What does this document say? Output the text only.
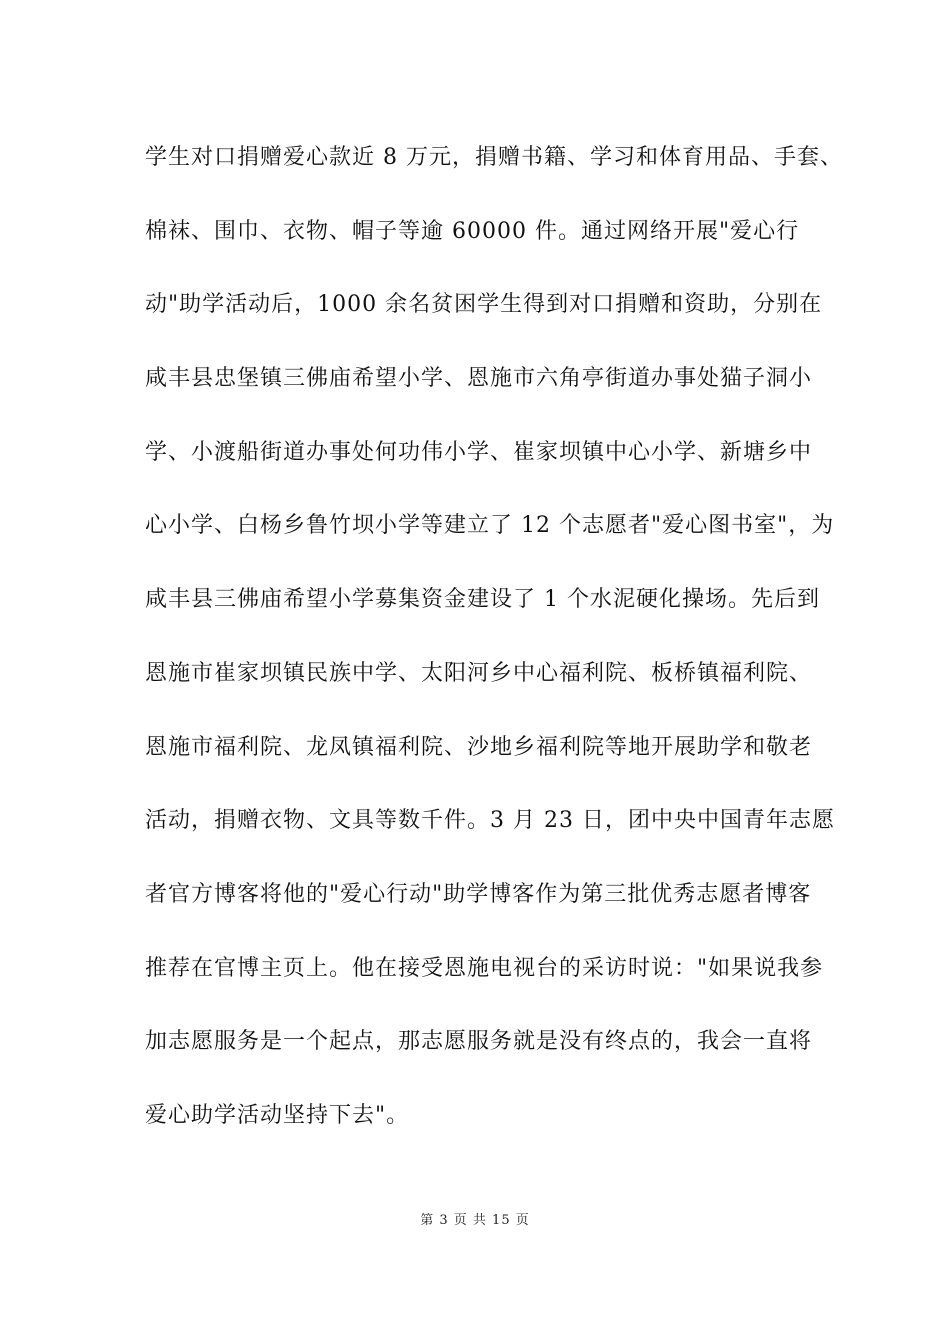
学生对口捐赠爱心款近 8 万元，捐赠书籍、学习和体育用品、手套、
棉袜、围巾、衣物、帽子等逾 60000 件。通过网络开展"爱心行
动"助学活动后，1000 余名贫困学生得到对口捐赠和资助，分别在
咸丰县忠堡镇三佛庙希望小学、恩施市六角亭街道办事处猫子洞小
学、小渡船街道办事处何功伟小学、崔家坝镇中心小学、新塘乡中
心小学、白杨乡鲁竹坝小学等建立了 12 个志愿者"爱心图书室"，为
咸丰县三佛庙希望小学募集资金建设了 1 个水泥硬化操场。先后到
恩施市崔家坝镇民族中学、太阳河乡中心福利院、板桥镇福利院、
恩施市福利院、龙凤镇福利院、沙地乡福利院等地开展助学和敬老
活动，捐赠衣物、文具等数千件。3 月 23 日，团中央中国青年志愿
者官方博客将他的"爱心行动"助学博客作为第三批优秀志愿者博客
推荐在官博主页上。他在接受恩施电视台的采访时说："如果说我参
加志愿服务是一个起点，那志愿服务就是没有终点的，我会一直将
爱心助学活动坚持下去"。
第 3 页 共 15 页
